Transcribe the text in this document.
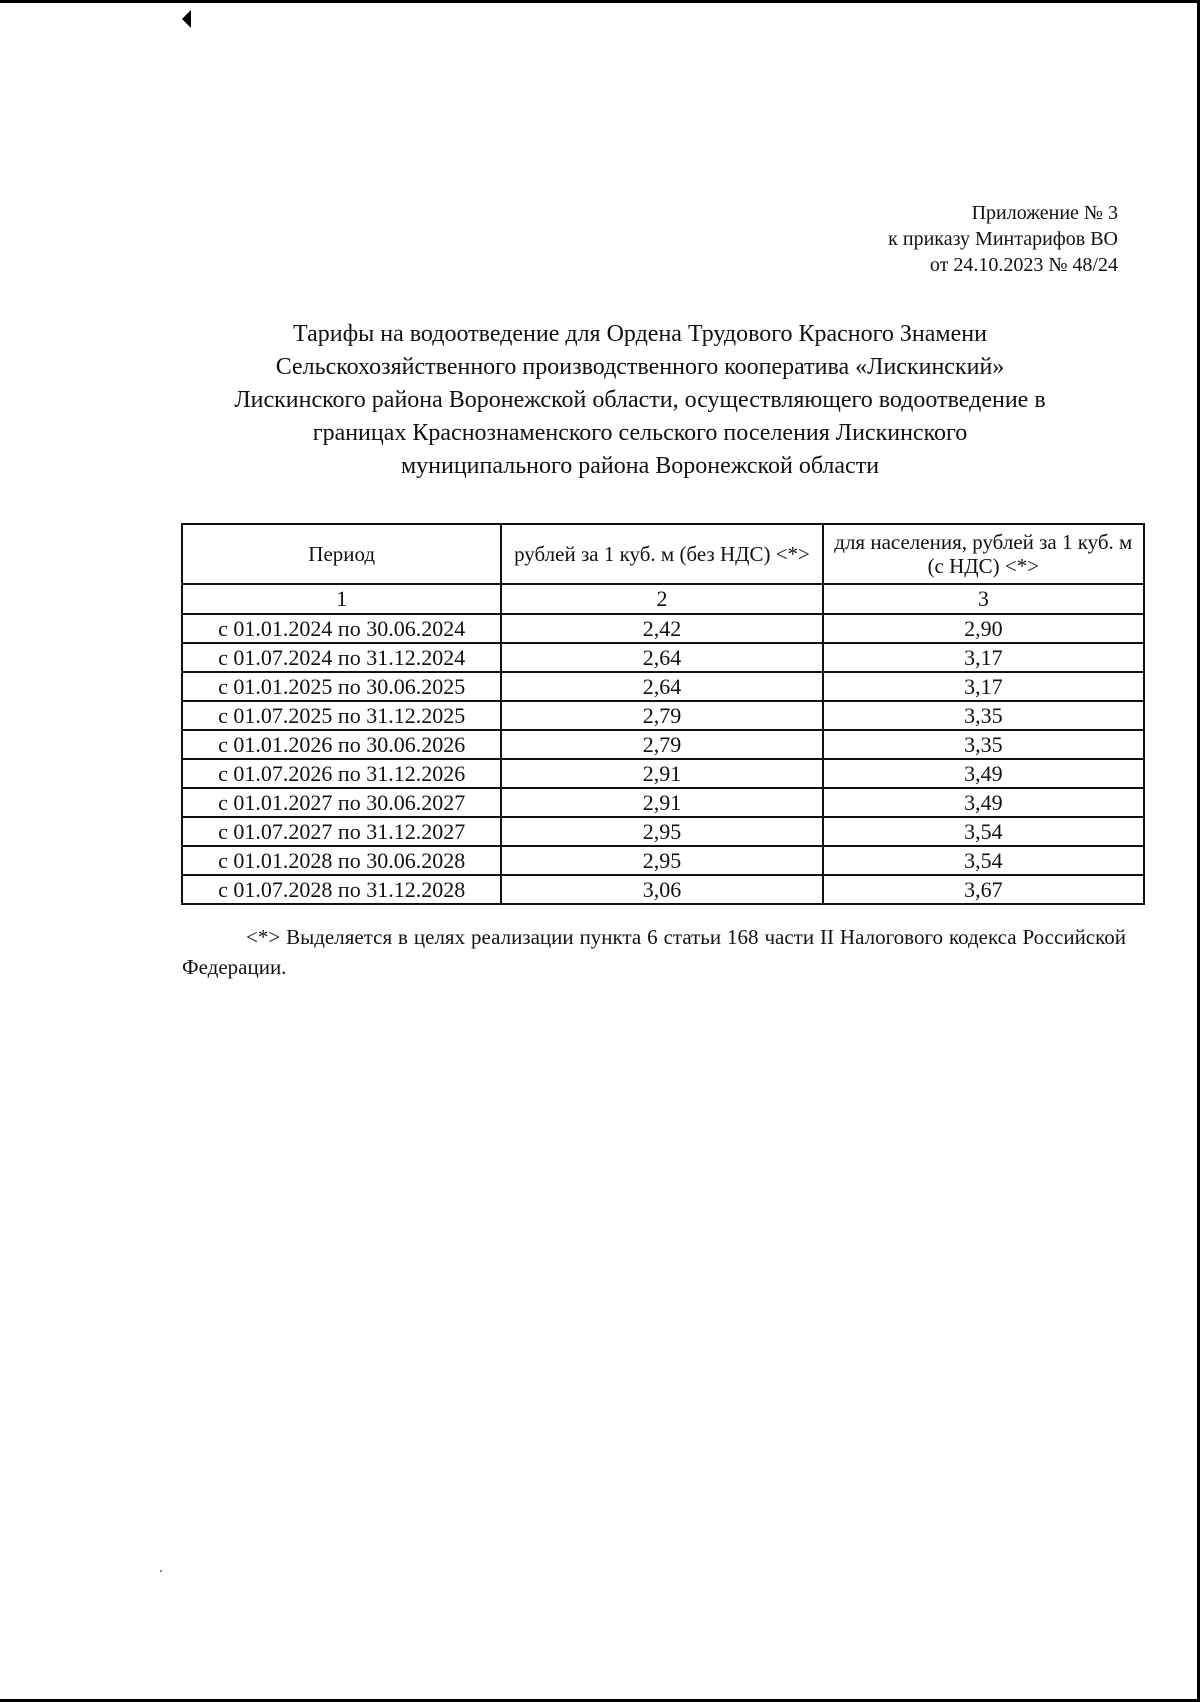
Приложение № 3
к приказу Минтарифов ВО
от 24.10.2023 № 48/24
Тарифы на водоотведение для Ордена Трудового Красного Знамени
Сельскохозяйственного производственного кооператива «Лискинский»
Лискинского района Воронежской области, осуществляющего водоотведение в
границах Краснознаменского сельского поселения Лискинского
муниципального района Воронежской области
Период	рублей за 1 куб. м (без НДС) <*>	для населения, рублей за 1 куб. м (с НДС) <*>
1	2	3
с 01.01.2024 по 30.06.2024	2,42	2,90
с 01.07.2024 по 31.12.2024	2,64	3,17
с 01.01.2025 по 30.06.2025	2,64	3,17
с 01.07.2025 по 31.12.2025	2,79	3,35
с 01.01.2026 по 30.06.2026	2,79	3,35
с 01.07.2026 по 31.12.2026	2,91	3,49
с 01.01.2027 по 30.06.2027	2,91	3,49
с 01.07.2027 по 31.12.2027	2,95	3,54
с 01.01.2028 по 30.06.2028	2,95	3,54
с 01.07.2028 по 31.12.2028	3,06	3,67
<*> Выделяется в целях реализации пункта 6 статьи 168 части II Налогового кодекса Российской Федерации.
